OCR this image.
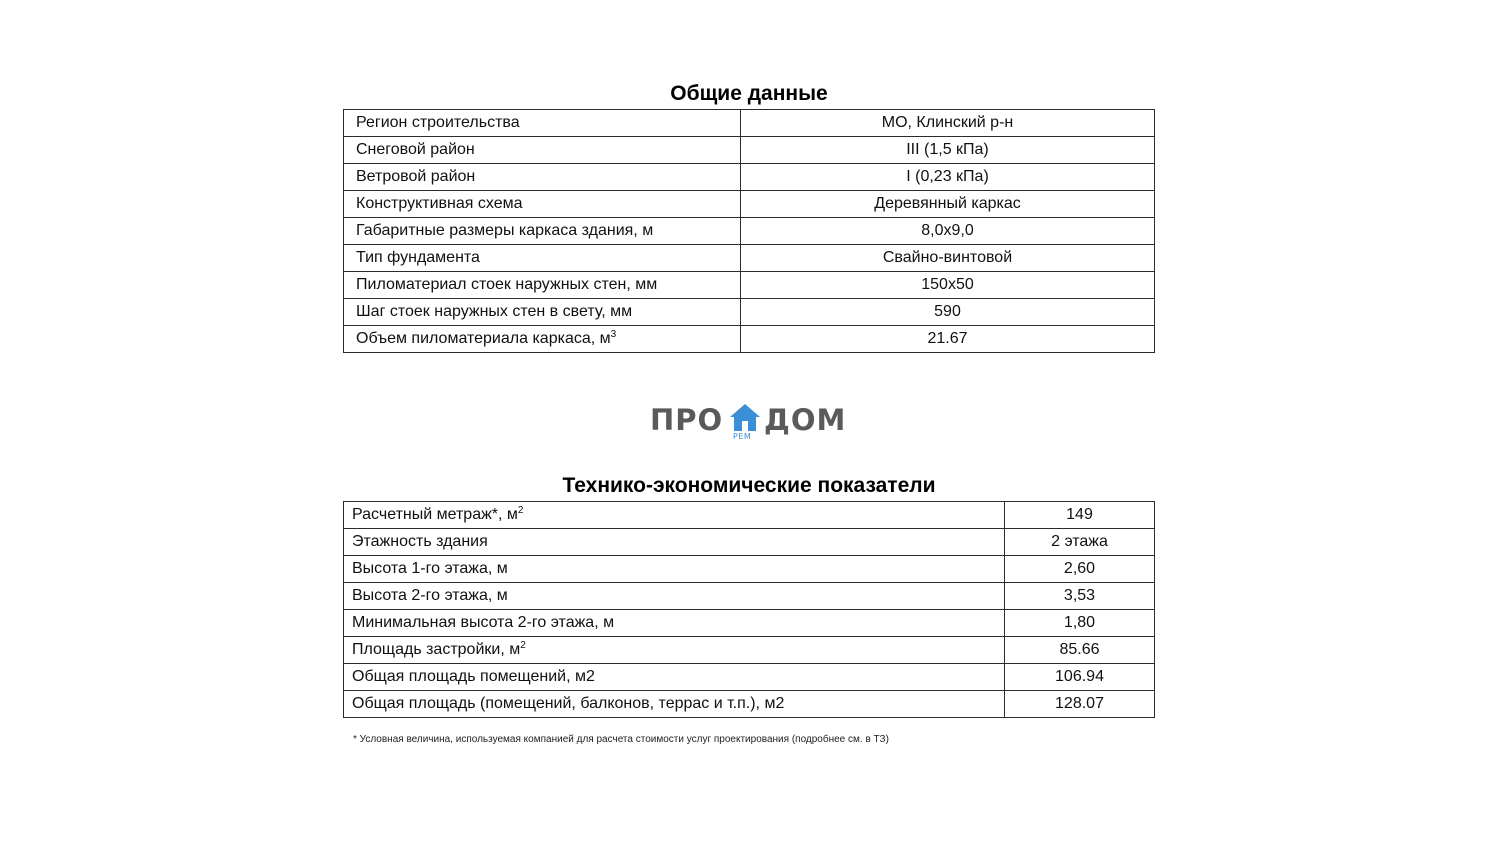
Общие данные
Регион строительства	МО, Клинский р-н
Снеговой район	III (1,5 кПа)
Ветровой район	I (0,23 кПа)
Конструктивная схема	Деревянный каркас
Габаритные размеры каркаса здания, м	8,0х9,0
Тип фундамента	Свайно-винтовой
Пиломатериал стоек наружных стен, мм	150х50
Шаг стоек наружных стен в свету, мм	590
Объем пиломатериала каркаса, $м^3$	21.67
ПРО РЕМ ДОМ
Технико-экономические показатели
Расчетный метраж*, $м^2$	149
Этажность здания	2 этажа
Высота 1-го этажа, м	2,60
Высота 2-го этажа, м	3,53
Минимальная высота 2-го этажа, м	1,80
Площадь застройки, $м^2$	85.66
Общая площадь помещений, м2	106.94
Общая площадь (помещений, балконов, террас и т.п.), м2	128.07
* Условная величина, используемая компанией для расчета стоимости услуг проектирования (подробнее см. в ТЗ)
